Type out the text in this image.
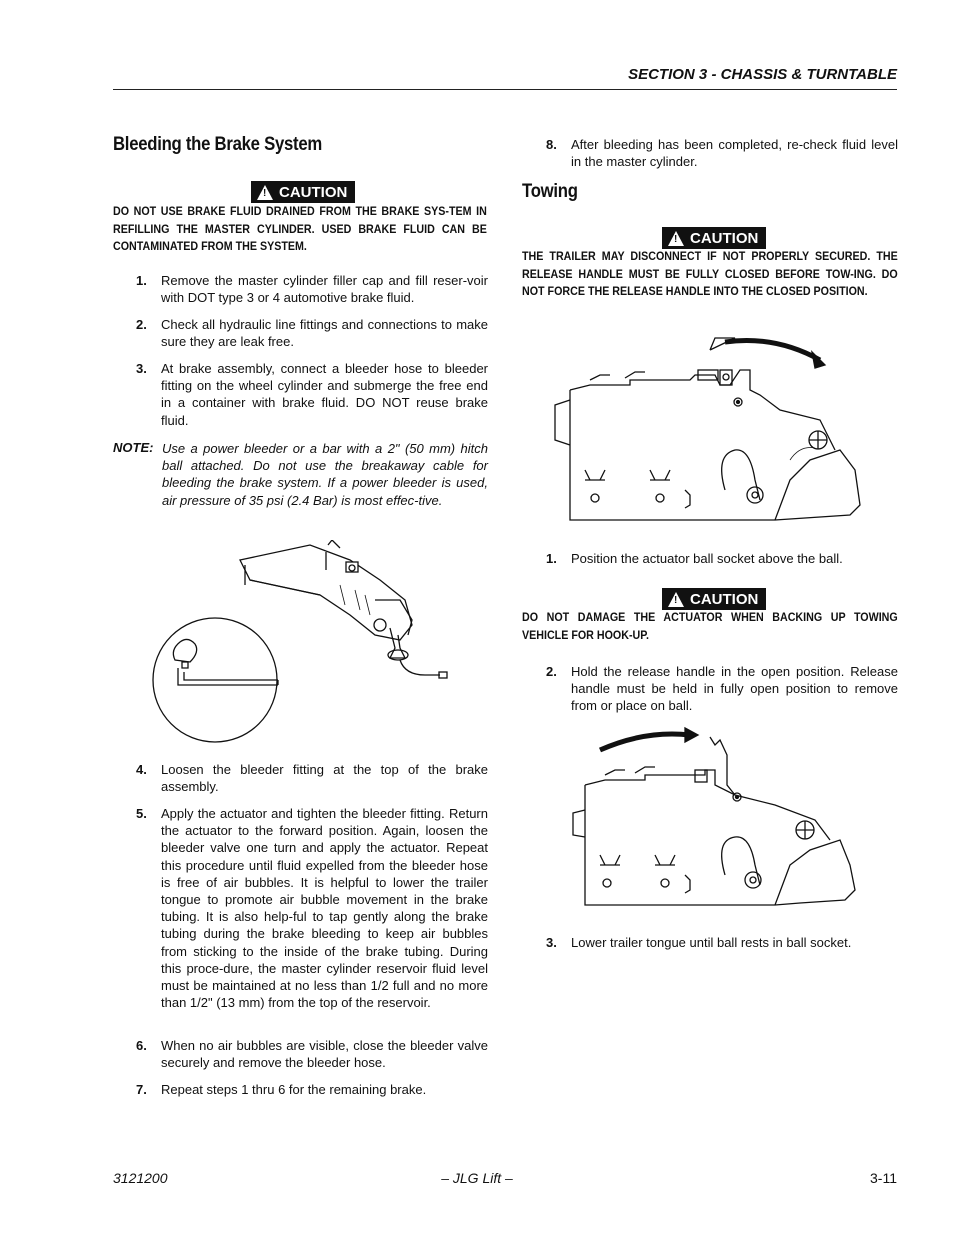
SECTION 3 - CHASSIS & TURNTABLE
Bleeding the Brake System
! CAUTION
DO NOT USE BRAKE FLUID DRAINED FROM THE BRAKE SYS-TEM IN REFILLING THE MASTER CYLINDER. USED BRAKE FLUID CAN BE CONTAMINATED FROM THE SYSTEM.
1. Remove the master cylinder filler cap and fill reser-voir with DOT type 3 or 4 automotive brake fluid.
2. Check all hydraulic line fittings and connections to make sure they are leak free.
3. At brake assembly, connect a bleeder hose to bleeder fitting on the wheel cylinder and submerge the free end in a container with brake fluid. DO NOT reuse brake fluid.
NOTE: Use a power bleeder or a bar with a 2" (50 mm) hitch ball attached. Do not use the breakaway cable for bleeding the brake system. If a power bleeder is used, air pressure of 35 psi (2.4 Bar) is most effec-tive.
4. Loosen the bleeder fitting at the top of the brake assembly.
5. Apply the actuator and tighten the bleeder fitting. Return the actuator to the forward position. Again, loosen the bleeder valve one turn and apply the actuator. Repeat this procedure until fluid expelled from the bleeder hose is free of air bubbles. It is helpful to lower the trailer tongue to promote air bubble movement in the brake tubing. It is also help-ful to tap gently along the brake tubing during the brake bleeding to keep air bubbles from sticking to the inside of the brake tubing. During this proce-dure, the master cylinder reservoir fluid level must be maintained at no less than 1/2 full and no more than 1/2" (13 mm) from the top of the reservoir.
6. When no air bubbles are visible, close the bleeder valve securely and remove the bleeder hose.
7. Repeat steps 1 thru 6 for the remaining brake.
8. After bleeding has been completed, re-check fluid level in the master cylinder.
Towing
! CAUTION
THE TRAILER MAY DISCONNECT IF NOT PROPERLY SECURED. THE RELEASE HANDLE MUST BE FULLY CLOSED BEFORE TOW-ING. DO NOT FORCE THE RELEASE HANDLE INTO THE CLOSED POSITION.
1. Position the actuator ball socket above the ball.
! CAUTION
DO NOT DAMAGE THE ACTUATOR WHEN BACKING UP TOWING VEHICLE FOR HOOK-UP.
2. Hold the release handle in the open position. Release handle must be held in fully open position to remove from or place on ball.
3. Lower trailer tongue until ball rests in ball socket.
3121200	– JLG Lift –	3-11
